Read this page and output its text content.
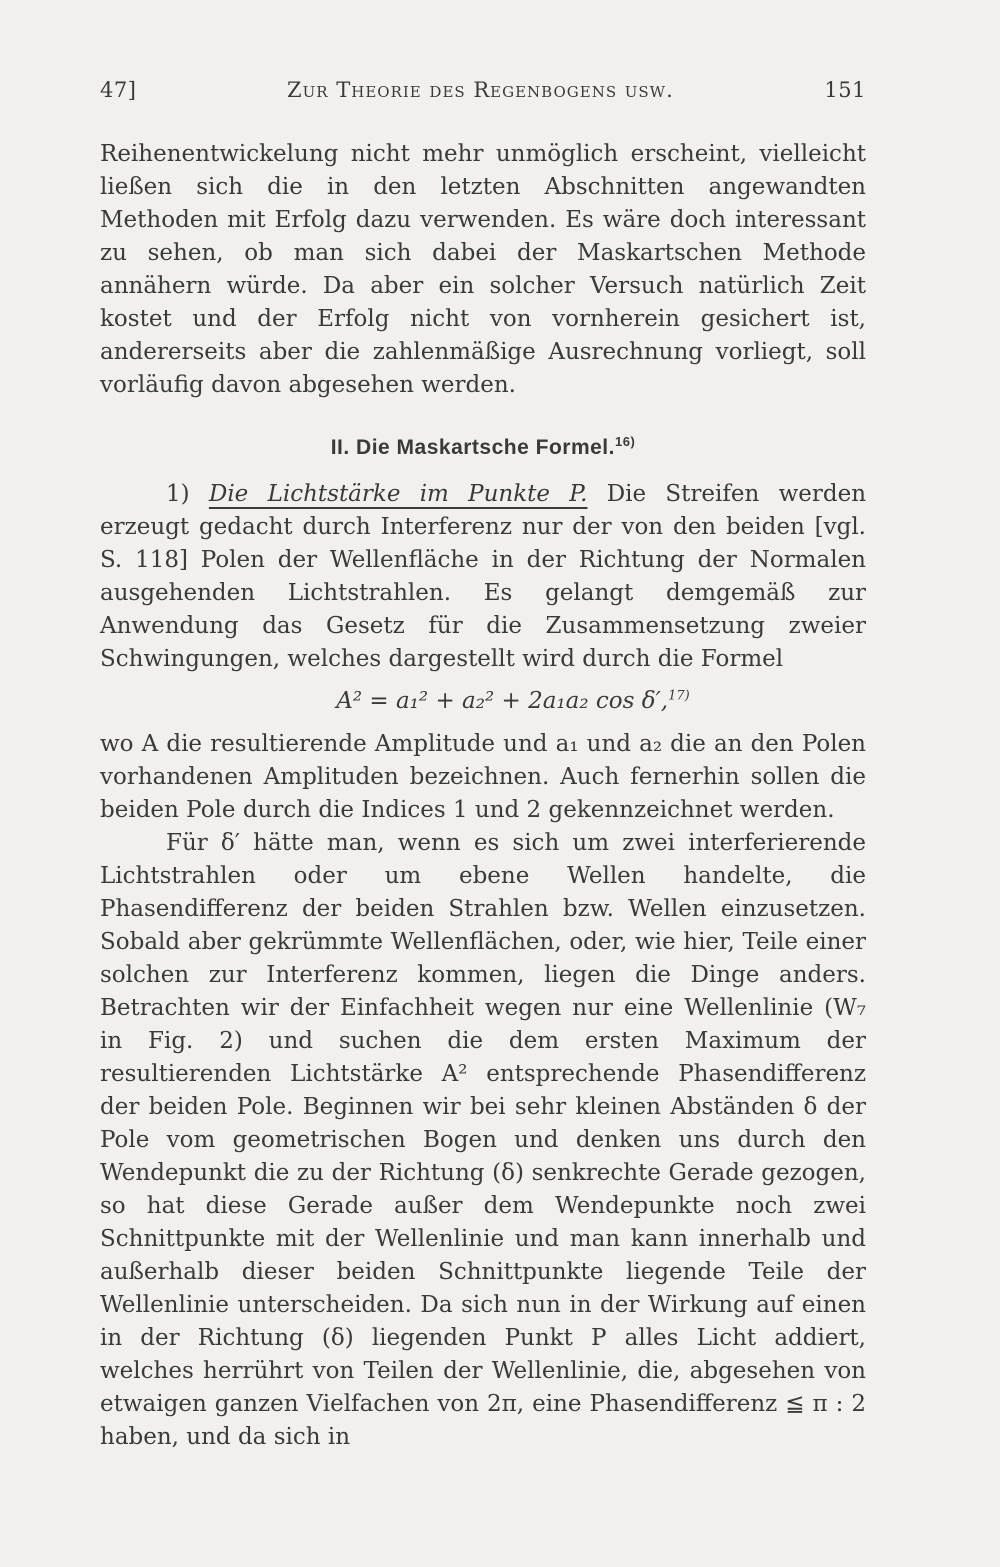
47]	Zur Theorie des Regenbogens usw.	151

Reihenentwickelung nicht mehr unmöglich erscheint, vielleicht ließen sich die in den letzten Abschnitten angewandten Methoden mit Erfolg dazu verwenden. Es wäre doch interessant zu sehen, ob man sich dabei der Maskartschen Methode annähern würde. Da aber ein solcher Versuch natürlich Zeit kostet und der Erfolg nicht von vornherein gesichert ist, andererseits aber die zahlenmäßige Ausrechnung vorliegt, soll vorläufig davon abgesehen werden.

II. Die Maskartsche Formel.$^{16)}$

1) Die Lichtstärke im Punkte P. Die Streifen werden erzeugt gedacht durch Interferenz nur der von den beiden [vgl. S. 118] Polen der Wellenfläche in der Richtung der Normalen ausgehenden Lichtstrahlen. Es gelangt demgemäß zur Anwendung das Gesetz für die Zusammensetzung zweier Schwingungen, welches dargestellt wird durch die Formel

A² = a₁² + a₂² + 2a₁a₂ cos δ′,$^{17)}$

wo A die resultierende Amplitude und a₁ und a₂ die an den Polen vorhandenen Amplituden bezeichnen. Auch fernerhin sollen die beiden Pole durch die Indices 1 und 2 gekennzeichnet werden.

Für δ′ hätte man, wenn es sich um zwei interferierende Lichtstrahlen oder um ebene Wellen handelte, die Phasendifferenz der beiden Strahlen bzw. Wellen einzusetzen. Sobald aber gekrümmte Wellenflächen, oder, wie hier, Teile einer solchen zur Interferenz kommen, liegen die Dinge anders. Betrachten wir der Einfachheit wegen nur eine Wellenlinie (W₇ in Fig. 2) und suchen die dem ersten Maximum der resultierenden Lichtstärke A² entsprechende Phasendifferenz der beiden Pole. Beginnen wir bei sehr kleinen Abständen δ der Pole vom geometrischen Bogen und denken uns durch den Wendepunkt die zu der Richtung (δ) senkrechte Gerade gezogen, so hat diese Gerade außer dem Wendepunkte noch zwei Schnittpunkte mit der Wellenlinie und man kann innerhalb und außerhalb dieser beiden Schnittpunkte liegende Teile der Wellenlinie unterscheiden. Da sich nun in der Wirkung auf einen in der Richtung (δ) liegenden Punkt P alles Licht addiert, welches herrührt von Teilen der Wellenlinie, die, abgesehen von etwaigen ganzen Vielfachen von 2π, eine Phasendifferenz ≦ π : 2 haben, und da sich in
